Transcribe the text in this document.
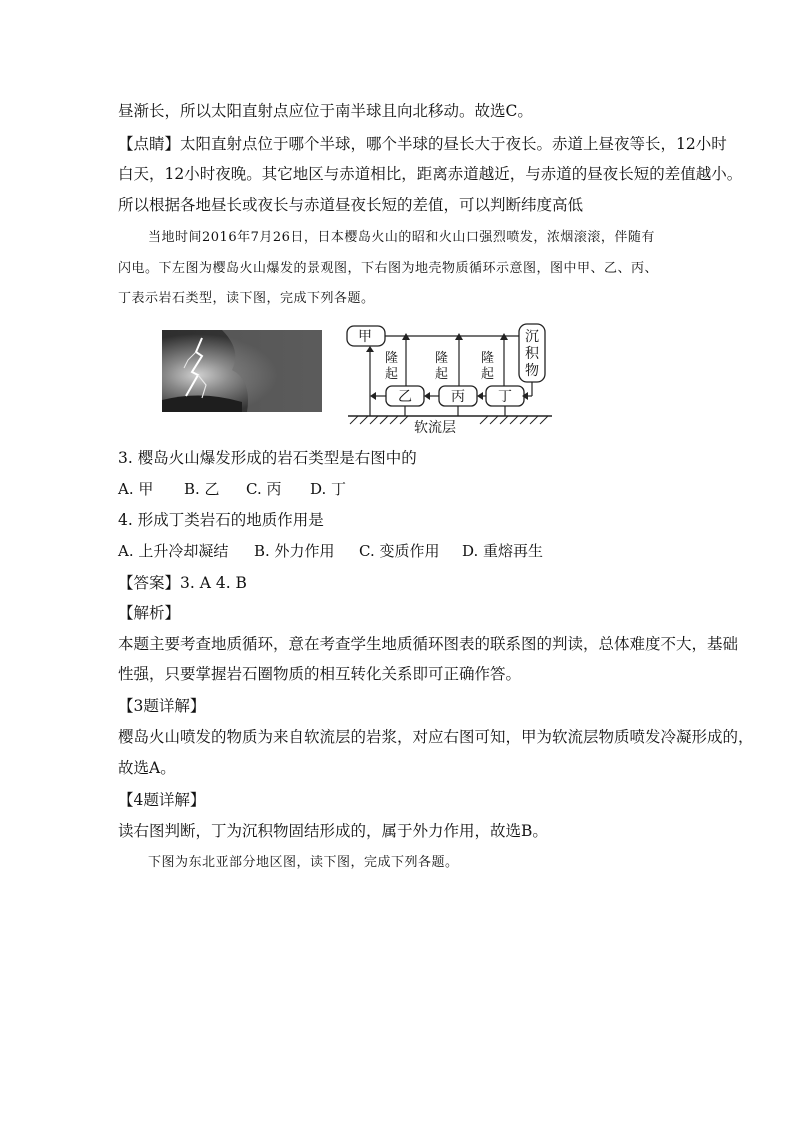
昼渐长，所以太阳直射点应位于南半球且向北移动。故选C。
【点睛】太阳直射点位于哪个半球，哪个半球的昼长大于夜长。赤道上昼夜等长，12小时
白天，12小时夜晚。其它地区与赤道相比，距离赤道越近，与赤道的昼夜长短的差值越小。
所以根据各地昼长或夜长与赤道昼夜长短的差值，可以判断纬度高低
当地时间2016年7月26日，日本樱岛火山的昭和火山口强烈喷发，浓烟滚滚，伴随有
闪电。下左图为樱岛火山爆发的景观图，下右图为地壳物质循环示意图，图中甲、乙、丙、
丁表示岩石类型，读下图，完成下列各题。
甲	沉
积
物
隆
起
隆
起
隆
起
乙	丙 丁
软流层
3. 樱岛火山爆发形成的岩石类型是右图中的
A. 甲 B. 乙 C. 丙 D. 丁
4. 形成丁类岩石的地质作用是
A. 上升冷却凝结 B. 外力作用 C. 变质作用 D. 重熔再生
【答案】3. A 4. B
【解析】
本题主要考查地质循环，意在考查学生地质循环图表的联系图的判读，总体难度不大，基础
性强，只要掌握岩石圈物质的相互转化关系即可正确作答。
【3题详解】
樱岛火山喷发的物质为来自软流层的岩浆，对应右图可知，甲为软流层物质喷发冷凝形成的，
故选A。
【4题详解】
读右图判断，丁为沉积物固结形成的，属于外力作用，故选B。
下图为东北亚部分地区图，读下图，完成下列各题。
